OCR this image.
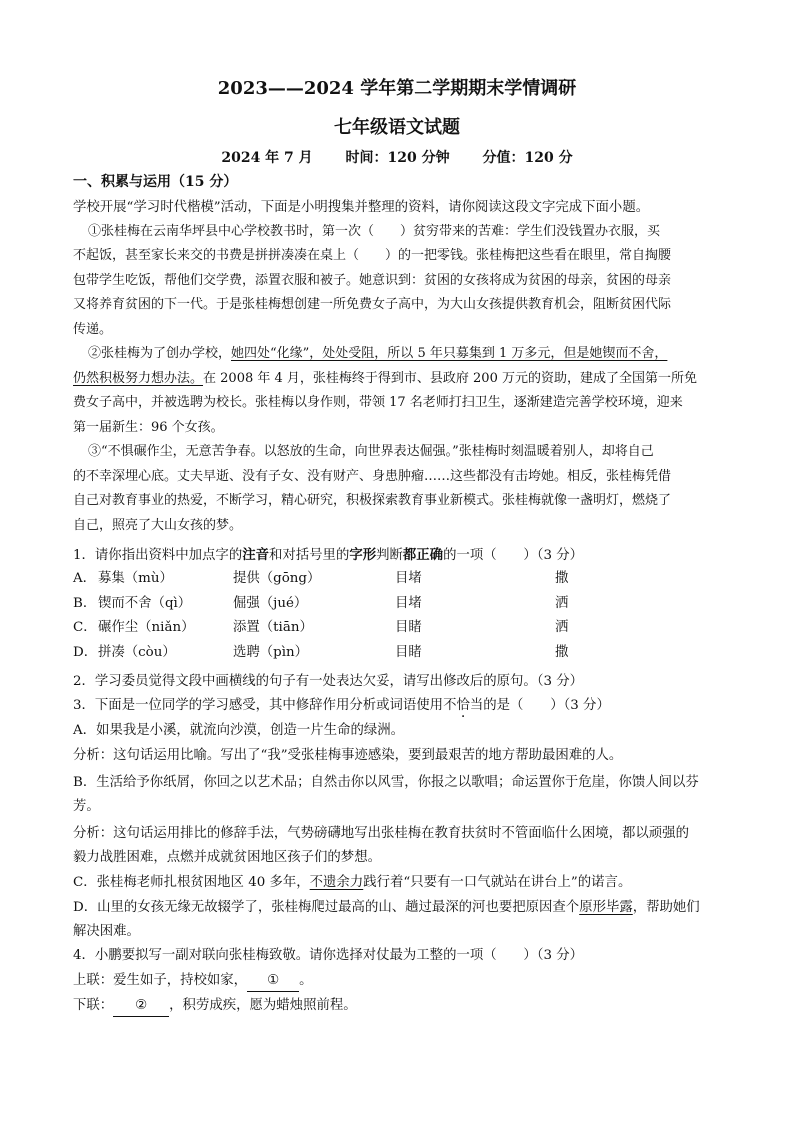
2023——2024 学年第二学期期末学情调研
七年级语文试题
2024 年 7 月 时间：120 分钟 分值：120 分
一、积累与运用（15 分）
学校开展“学习时代楷模”活动，下面是小明搜集并整理的资料，请你阅读这段文字完成下面小题。
①张桂梅在云南华坪县中心学校教书时，第一次（　　）贫穷带来的苦难：学生们没钱置办衣服，买
不起饭，甚至家长来交的书费是拼拼凑凑在桌上（　　）的一把零钱。张桂梅把这些看在眼里，常自掏腰
包带学生吃饭，帮他们交学费，添置衣服和被子。她意识到：贫困的女孩将成为贫困的母亲，贫困的母亲
又将养育贫困的下一代。于是张桂梅想创建一所免费女子高中，为大山女孩提供教育机会，阻断贫困代际
传递。
②张桂梅为了创办学校，她四处“化缘”，处处受阻，所以 5 年只募集到 1 万多元，但是她锲而不舍，
仍然积极努力想办法。在 2008 年 4 月，张桂梅终于得到市、县政府 200 万元的资助，建成了全国第一所免
费女子高中，并被选聘为校长。张桂梅以身作则，带领 17 名老师打扫卫生，逐渐建造完善学校环境，迎来
第一届新生：96 个女孩。
③“不惧碾作尘，无意苦争春。以怒放的生命，向世界表达倔强。”张桂梅时刻温暖着别人，却将自己
的不幸深埋心底。丈夫早逝、没有子女、没有财产、身患肿瘤……这些都没有击垮她。相反，张桂梅凭借
自己对教育事业的热爱，不断学习，精心研究，积极探索教育事业新模式。张桂梅就像一盏明灯，燃烧了
自己，照亮了大山女孩的梦。
1．请你指出资料中加点字的注音和对括号里的字形判断都正确的一项（　　）（3 分）
A． 募集（mù）	提供（gōng）	目堵	撒
B． 锲而不舍（qì）	倔强（jué）	目堵	洒
C． 碾作尘（niǎn）	添置（tiān）	目睹	洒
D． 拼凑（còu）	选聘（pìn）	目睹	撒
2．学习委员觉得文段中画横线的句子有一处表达欠妥，请写出修改后的原句。（3 分）
3．下面是一位同学的学习感受，其中修辞作用分析或词语使用不恰当的是（　　）（3 分）
A．如果我是小溪，就流向沙漠，创造一片生命的绿洲。
分析：这句话运用比喻。写出了“我”受张桂梅事迹感染，要到最艰苦的地方帮助最困难的人。
B．生活给予你纸屑，你回之以艺术品；自然击你以风雪，你报之以歌唱；命运置你于危崖，你馈人间以芬
芳。
分析：这句话运用排比的修辞手法，气势磅礴地写出张桂梅在教育扶贫时不管面临什么困境，都以顽强的
毅力战胜困难，点燃并成就贫困地区孩子们的梦想。
C．张桂梅老师扎根贫困地区 40 多年，不遗余力践行着“只要有一口气就站在讲台上”的诺言。
D．山里的女孩无缘无故辍学了，张桂梅爬过最高的山、趟过最深的河也要把原因查个原形毕露，帮助她们
解决困难。
4．小鹏要拟写一副对联向张桂梅致敬。请你选择对仗最为工整的一项（　　）（3 分）
上联：爱生如子，持校如家， ① 。
下联： ② ，积劳成疾，愿为蜡烛照前程。
